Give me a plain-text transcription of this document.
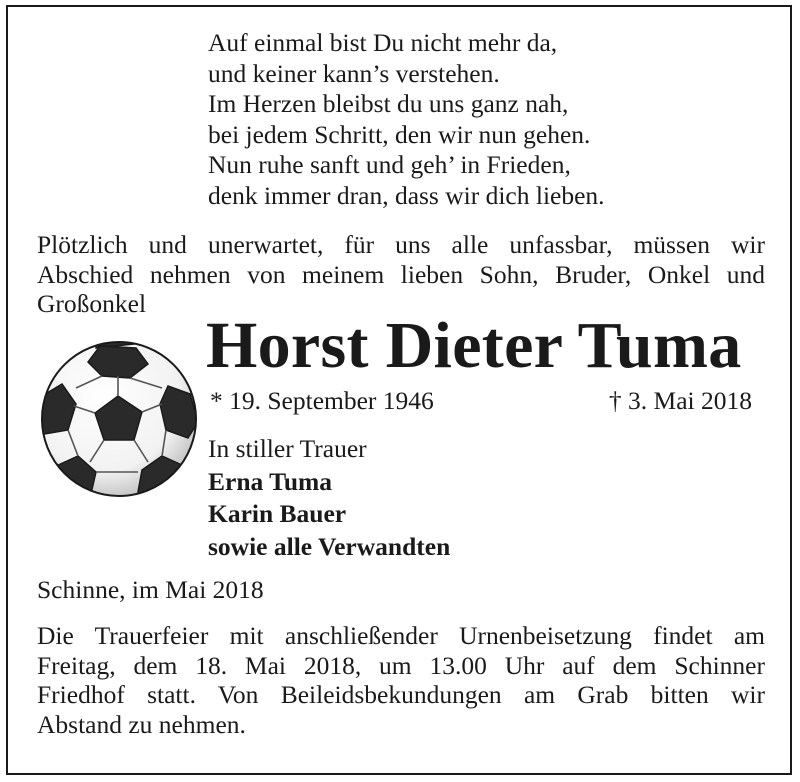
Auf einmal bist Du nicht mehr da,
und keiner kann’s verstehen.
Im Herzen bleibst du uns ganz nah,
bei jedem Schritt, den wir nun gehen.
Nun ruhe sanft und geh’ in Frieden,
denk immer dran, dass wir dich lieben.
Plötzlich und unerwartet, für uns alle unfassbar, müssen wir
Abschied nehmen von meinem lieben Sohn, Bruder, Onkel und
Großonkel
Horst Dieter Tuma
* 19. September 1946	† 3. Mai 2018
In stiller Trauer
Erna Tuma
Karin Bauer
sowie alle Verwandten
Schinne, im Mai 2018
Die Trauerfeier mit anschließender Urnenbeisetzung findet am
Freitag, dem 18. Mai 2018, um 13.00 Uhr auf dem Schinner
Friedhof statt. Von Beileidsbekundungen am Grab bitten wir
Abstand zu nehmen.
